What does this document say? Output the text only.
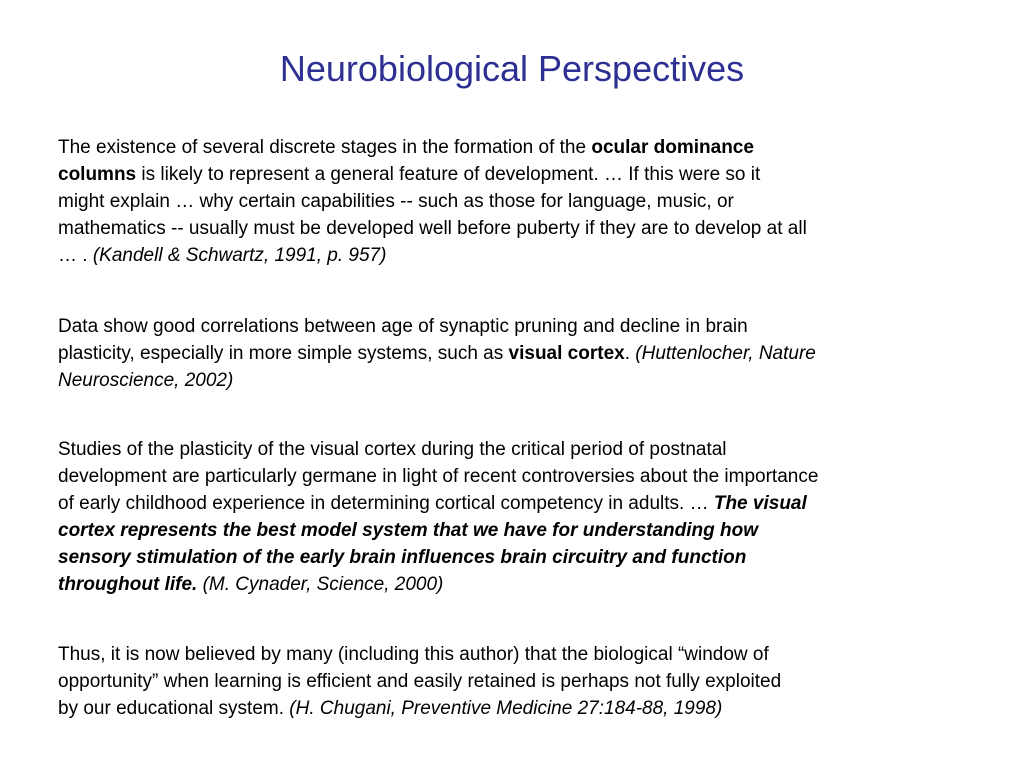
Neurobiological Perspectives

The existence of several discrete stages in the formation of the ocular dominance
columns is likely to represent a general feature of development. … If this were so it
might explain … why certain capabilities -- such as those for language, music, or
mathematics -- usually must be developed well before puberty if they are to develop at all
… . (Kandell & Schwartz, 1991, p. 957)

Data show good correlations between age of synaptic pruning and decline in brain
plasticity, especially in more simple systems, such as visual cortex. (Huttenlocher, Nature
Neuroscience, 2002)

Studies of the plasticity of the visual cortex during the critical period of postnatal
development are particularly germane in light of recent controversies about the importance
of early childhood experience in determining cortical competency in adults. … The visual
cortex represents the best model system that we have for understanding how
sensory stimulation of the early brain influences brain circuitry and function
throughout life. (M. Cynader, Science, 2000)

Thus, it is now believed by many (including this author) that the biological “window of
opportunity” when learning is efficient and easily retained is perhaps not fully exploited
by our educational system. (H. Chugani, Preventive Medicine 27:184-88, 1998)
